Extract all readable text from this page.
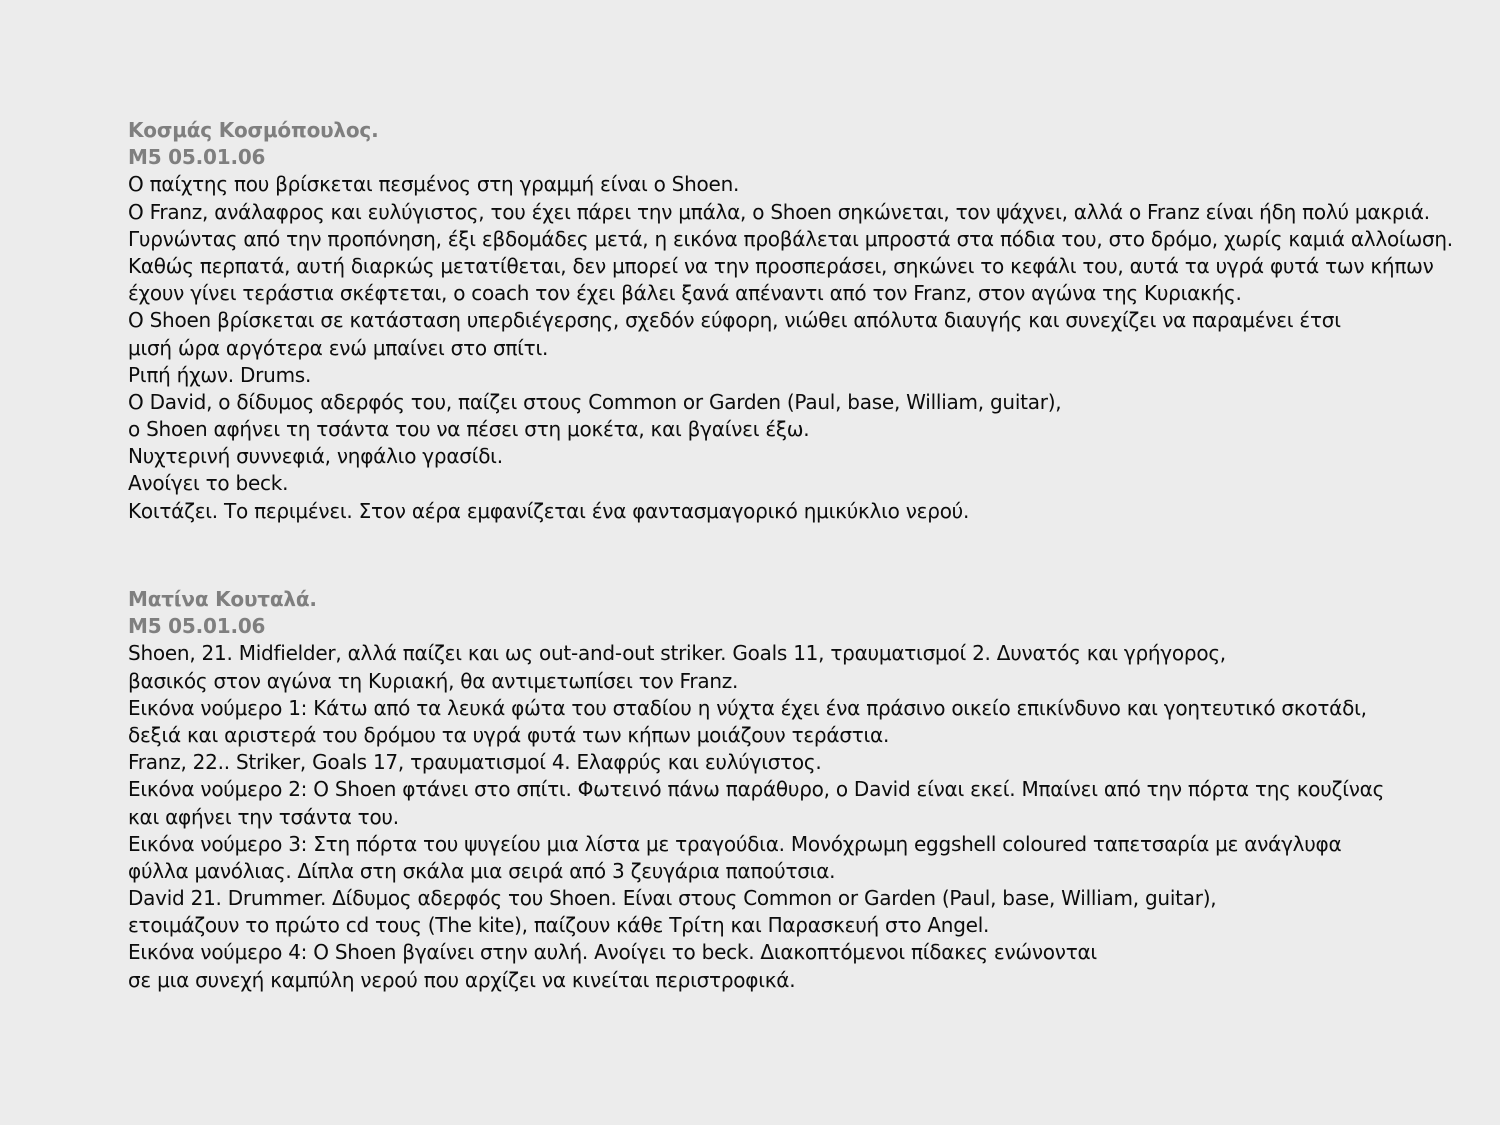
Κοσμάς Κοσμόπουλος.
Μ5 05.01.06
Ο παίχτης που βρίσκεται πεσμένος στη γραμμή είναι ο Shoen.
Ο Franz, ανάλαφρος και ευλύγιστος, του έχει πάρει την μπάλα, ο Shoen σηκώνεται, τον ψάχνει, αλλά ο Franz είναι ήδη πολύ μακριά.
Γυρνώντας από την προπόνηση, έξι εβδομάδες μετά, η εικόνα προβάλεται μπροστά στα πόδια του, στο δρόμο, χωρίς καμιά αλλοίωση.
Καθώς περπατά, αυτή διαρκώς μετατίθεται, δεν μπορεί να την προσπεράσει, σηκώνει το κεφάλι του, αυτά τα υγρά φυτά των κήπων
έχουν γίνει τεράστια σκέφτεται, ο coach τον έχει βάλει ξανά απέναντι από τον Franz, στον αγώνα της Κυριακής.
Ο Shoen βρίσκεται σε κατάσταση υπερδιέγερσης, σχεδόν εύφορη, νιώθει απόλυτα διαυγής και συνεχίζει να παραμένει έτσι
μισή ώρα αργότερα ενώ μπαίνει στο σπίτι.
Ριπή ήχων. Drums.
Ο David, ο δίδυμος αδερφός του, παίζει στους Common or Garden (Paul, base, William, guitar),
ο Shoen αφήνει τη τσάντα του να πέσει στη μοκέτα, και βγαίνει έξω.
Νυχτερινή συννεφιά, νηφάλιο γρασίδι.
Ανοίγει το beck.
Κοιτάζει. Το περιμένει. Στον αέρα εμφανίζεται ένα φαντασμαγορικό ημικύκλιο νερού.
Ματίνα Κουταλά.
Μ5 05.01.06
Shoen, 21. Midfielder, αλλά παίζει και ως out-and-out striker. Goals 11, τραυματισμοί 2. Δυνατός και γρήγορος,
βασικός στον αγώνα τη Κυριακή, θα αντιμετωπίσει τον Franz.
Εικόνα νούμερο 1: Κάτω από τα λευκά φώτα του σταδίου η νύχτα έχει ένα πράσινο οικείο επικίνδυνο και γοητευτικό σκοτάδι,
δεξιά και αριστερά του δρόμου τα υγρά φυτά των κήπων μοιάζουν τεράστια.
Franz, 22.. Striker, Goals 17, τραυματισμοί 4. Ελαφρύς και ευλύγιστος.
Εικόνα νούμερο 2: Ο Shoen φτάνει στο σπίτι. Φωτεινό πάνω παράθυρο, ο David είναι εκεί. Μπαίνει από την πόρτα της κουζίνας
και αφήνει την τσάντα του.
Εικόνα νούμερο 3: Στη πόρτα του ψυγείου μια λίστα με τραγούδια. Μονόχρωμη eggshell coloured ταπετσαρία με ανάγλυφα
φύλλα μανόλιας. Δίπλα στη σκάλα μια σειρά από 3 ζευγάρια παπούτσια.
David 21. Drummer. Δίδυμος αδερφός του Shoen. Είναι στους Common or Garden (Paul, base, William, guitar),
ετοιμάζουν το πρώτο cd τους (The kite), παίζουν κάθε Τρίτη και Παρασκευή στο Angel.
Εικόνα νούμερο 4: Ο Shoen βγαίνει στην αυλή. Ανοίγει το beck. Διακοπτόμενοι πίδακες ενώνονται
σε μια συνεχή καμπύλη νερού που αρχίζει να κινείται περιστροφικά.
